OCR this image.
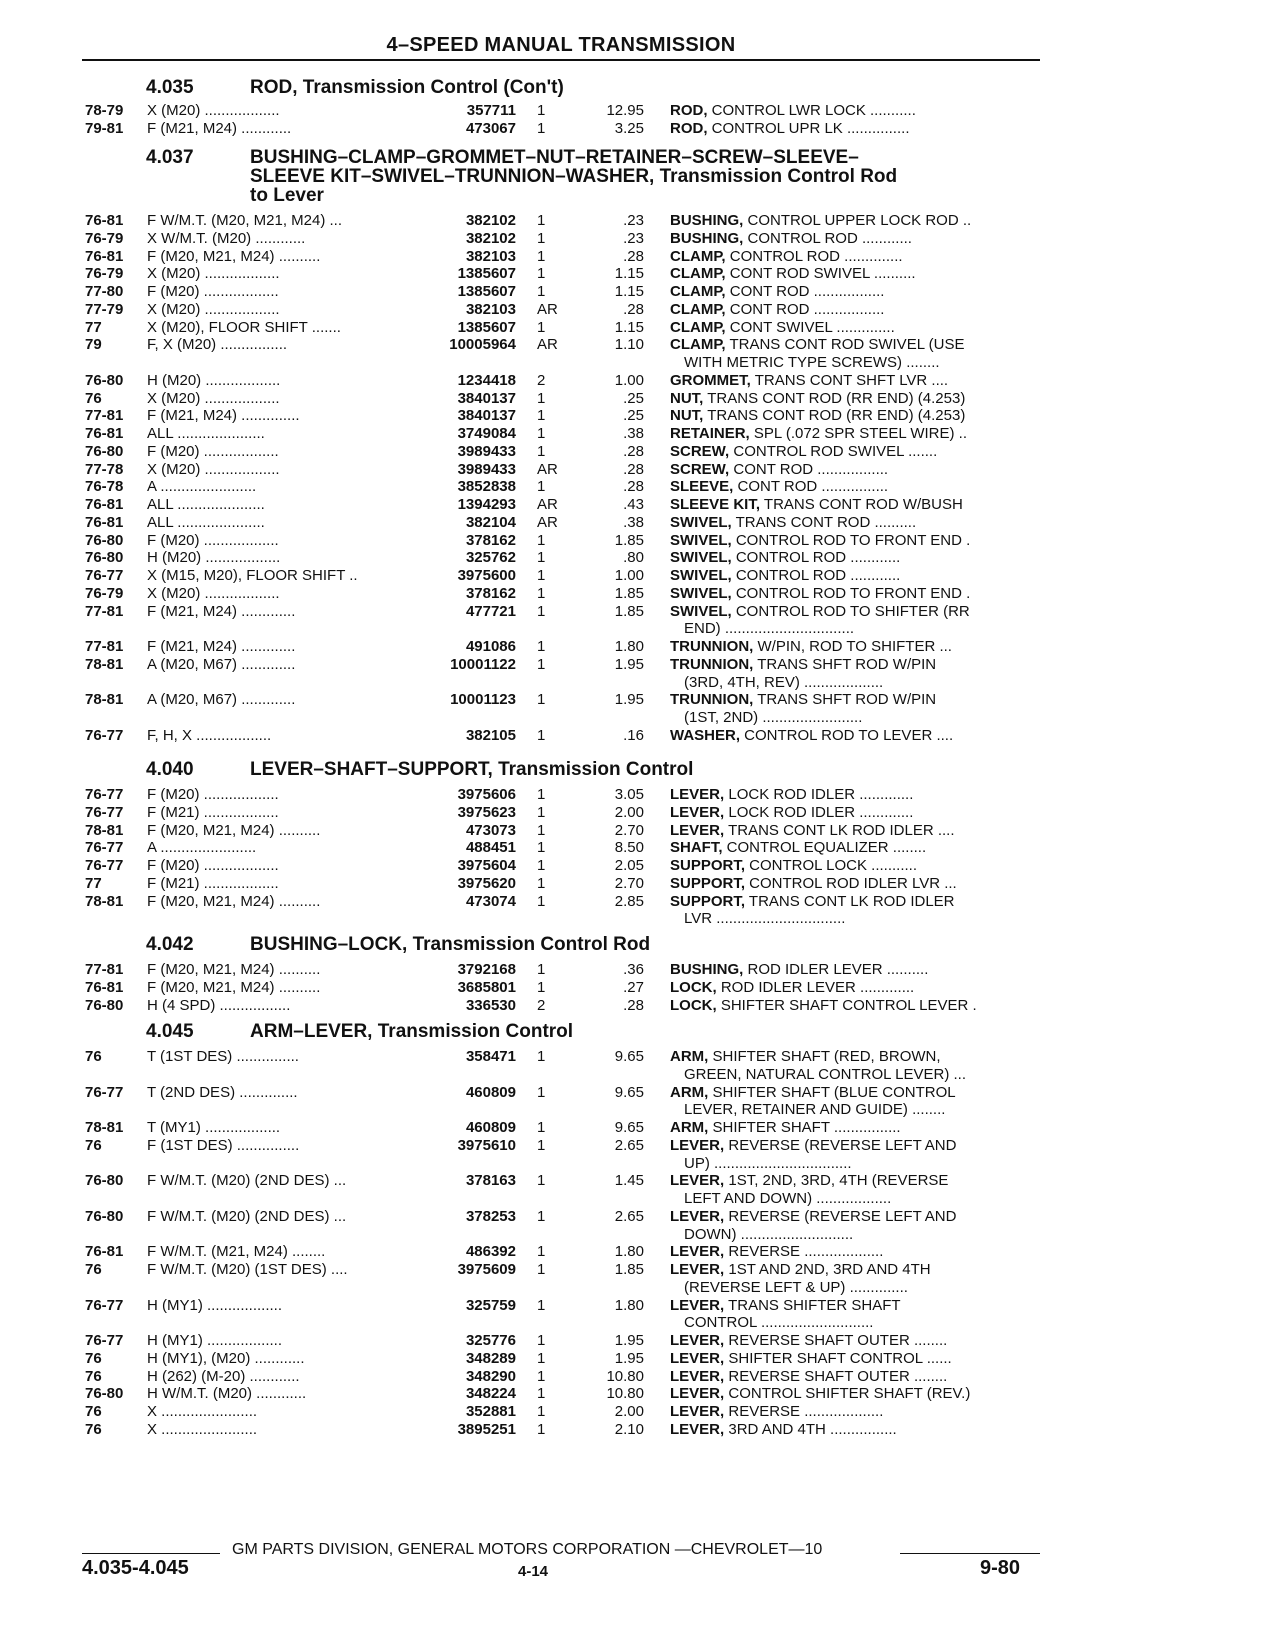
4–SPEED MANUAL TRANSMISSION
4.035	ROD, Transmission Control (Con't)
78-79 X (M20) ..................	357711 1	12.95 ROD, CONTROL LWR LOCK ...........
79-81 F (M21, M24) ............	473067 1	3.25 ROD, CONTROL UPR LK ...............
4.037	BUSHING–CLAMP–GROMMET–NUT–RETAINER–SCREW–SLEEVE–
SLEEVE KIT–SWIVEL–TRUNNION–WASHER, Transmission Control Rod
to Lever
76-81 F W/M.T. (M20, M21, M24) ...	382102 1	.23 BUSHING, CONTROL UPPER LOCK ROD ..
76-79 X W/M.T. (M20) ............	382102 1	.23 BUSHING, CONTROL ROD ............
76-81 F (M20, M21, M24) ..........	382103 1	.28 CLAMP, CONTROL ROD ..............
76-79 X (M20) ..................	1385607 1	1.15 CLAMP, CONT ROD SWIVEL ..........
77-80 F (M20) ..................	1385607 1	1.15 CLAMP, CONT ROD .................
77-79 X (M20) ..................	382103 AR	.28 CLAMP, CONT ROD .................
77	X (M20), FLOOR SHIFT .......	1385607 1	1.15 CLAMP, CONT SWIVEL ..............
79	F, X (M20) ................	10005964 AR	1.10 CLAMP, TRANS CONT ROD SWIVEL (USE
WITH METRIC TYPE SCREWS) ........
76-80 H (M20) ..................	1234418 2	1.00 GROMMET, TRANS CONT SHFT LVR ....
76	X (M20) ..................	3840137 1	.25 NUT, TRANS CONT ROD (RR END) (4.253)
77-81 F (M21, M24) ..............	3840137 1	.25 NUT, TRANS CONT ROD (RR END) (4.253)
76-81 ALL .....................	3749084 1	.38 RETAINER, SPL (.072 SPR STEEL WIRE) ..
76-80 F (M20) ..................	3989433 1	.28 SCREW, CONTROL ROD SWIVEL .......
77-78 X (M20) ..................	3989433 AR	.28 SCREW, CONT ROD .................
76-78 A .......................	3852838 1	.28 SLEEVE, CONT ROD ................
76-81 ALL .....................	1394293 AR	.43 SLEEVE KIT, TRANS CONT ROD W/BUSH
76-81 ALL .....................	382104 AR	.38 SWIVEL, TRANS CONT ROD ..........
76-80 F (M20) ..................	378162 1	1.85 SWIVEL, CONTROL ROD TO FRONT END .
76-80 H (M20) ..................	325762 1	.80 SWIVEL, CONTROL ROD ............
76-77 X (M15, M20), FLOOR SHIFT ..	3975600 1	1.00 SWIVEL, CONTROL ROD ............
76-79 X (M20) ..................	378162 1	1.85 SWIVEL, CONTROL ROD TO FRONT END .
77-81 F (M21, M24) .............	477721 1	1.85 SWIVEL, CONTROL ROD TO SHIFTER (RR
END) ...............................
77-81 F (M21, M24) .............	491086 1	1.80 TRUNNION, W/PIN, ROD TO SHIFTER ...
78-81 A (M20, M67) .............	10001122 1	1.95 TRUNNION, TRANS SHFT ROD W/PIN
(3RD, 4TH, REV) ...................
78-81 A (M20, M67) .............	10001123 1	1.95 TRUNNION, TRANS SHFT ROD W/PIN
(1ST, 2ND) ........................
76-77 F, H, X ..................	382105 1	.16 WASHER, CONTROL ROD TO LEVER ....
4.040	LEVER–SHAFT–SUPPORT, Transmission Control
76-77 F (M20) ..................	3975606 1	3.05 LEVER, LOCK ROD IDLER .............
76-77 F (M21) ..................	3975623 1	2.00 LEVER, LOCK ROD IDLER .............
78-81 F (M20, M21, M24) ..........	473073 1	2.70 LEVER, TRANS CONT LK ROD IDLER ....
76-77 A .......................	488451 1	8.50 SHAFT, CONTROL EQUALIZER ........
76-77 F (M20) ..................	3975604 1	2.05 SUPPORT, CONTROL LOCK ...........
77	F (M21) ..................	3975620 1	2.70 SUPPORT, CONTROL ROD IDLER LVR ...
78-81 F (M20, M21, M24) ..........	473074 1	2.85 SUPPORT, TRANS CONT LK ROD IDLER
LVR ...............................
4.042	BUSHING–LOCK, Transmission Control Rod
77-81 F (M20, M21, M24) ..........	3792168 1	.36 BUSHING, ROD IDLER LEVER ..........
76-81 F (M20, M21, M24) ..........	3685801 1	.27 LOCK, ROD IDLER LEVER .............
76-80 H (4 SPD) .................	336530 2	.28 LOCK, SHIFTER SHAFT CONTROL LEVER .
4.045	ARM–LEVER, Transmission Control
76	T (1ST DES) ...............	358471 1	9.65 ARM, SHIFTER SHAFT (RED, BROWN,
GREEN, NATURAL CONTROL LEVER) ...
76-77 T (2ND DES) ..............	460809 1	9.65 ARM, SHIFTER SHAFT (BLUE CONTROL
LEVER, RETAINER AND GUIDE) ........
78-81 T (MY1) ..................	460809 1	9.65 ARM, SHIFTER SHAFT ................
76	F (1ST DES) ...............	3975610 1	2.65 LEVER, REVERSE (REVERSE LEFT AND
UP) .................................
76-80 F W/M.T. (M20) (2ND DES) ...	378163 1	1.45 LEVER, 1ST, 2ND, 3RD, 4TH (REVERSE
LEFT AND DOWN) ..................
76-80 F W/M.T. (M20) (2ND DES) ...	378253 1	2.65 LEVER, REVERSE (REVERSE LEFT AND
DOWN) ...........................
76-81 F W/M.T. (M21, M24) ........	486392 1	1.80 LEVER, REVERSE ...................
76	F W/M.T. (M20) (1ST DES) ....	3975609 1	1.85 LEVER, 1ST AND 2ND, 3RD AND 4TH
(REVERSE LEFT & UP) ..............
76-77 H (MY1) ..................	325759 1	1.80 LEVER, TRANS SHIFTER SHAFT
CONTROL ...........................
76-77 H (MY1) ..................	325776 1	1.95 LEVER, REVERSE SHAFT OUTER ........
76	H (MY1), (M20) ............	348289 1	1.95 LEVER, SHIFTER SHAFT CONTROL ......
76	H (262) (M-20) ............	348290 1	10.80 LEVER, REVERSE SHAFT OUTER ........
76-80 H W/M.T. (M20) ............	348224 1	10.80 LEVER, CONTROL SHIFTER SHAFT (REV.)
76	X .......................	352881 1	2.00 LEVER, REVERSE ...................
76	X .......................	3895251 1	2.10 LEVER, 3RD AND 4TH ................
GM PARTS DIVISION, GENERAL MOTORS CORPORATION —CHEVROLET—10
4.035-4.045	4-14	9-80
